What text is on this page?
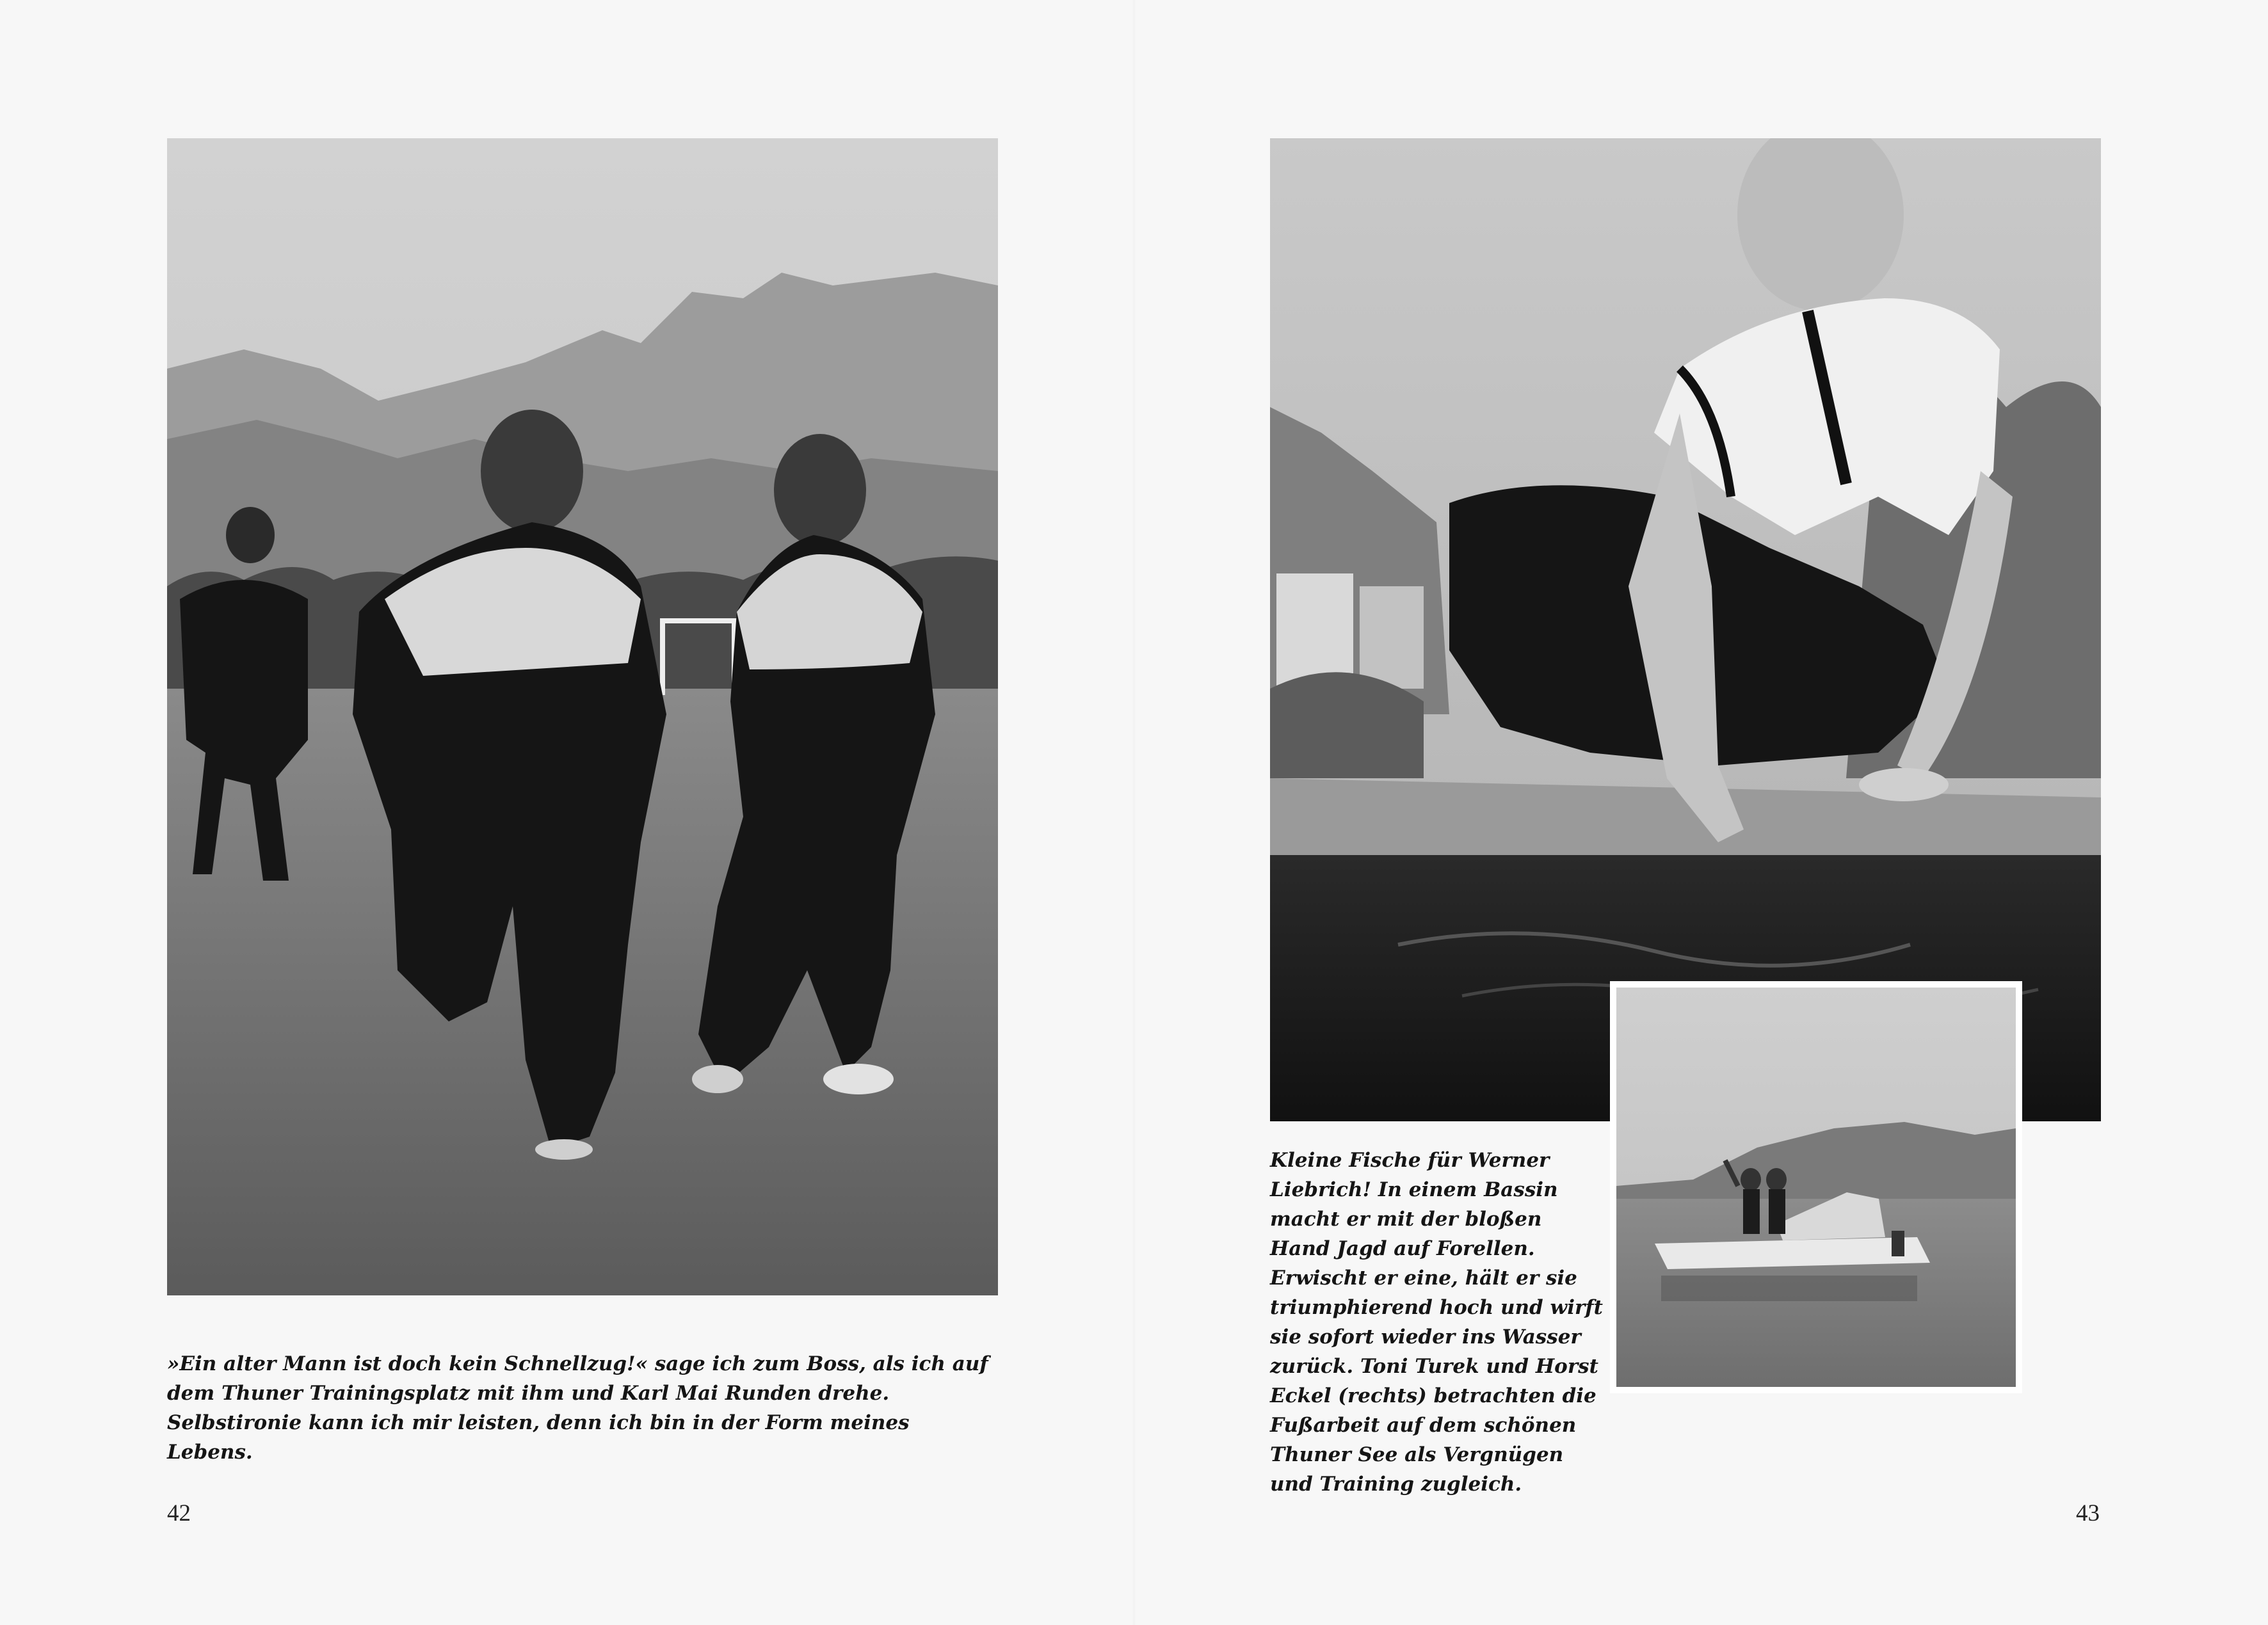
»Ein alter Mann ist doch kein Schnellzug!« sage ich zum Boss, als ich auf dem Thuner Trainingsplatz mit ihm und Karl Mai Runden drehe. Selbstironie kann ich mir leisten, denn ich bin in der Form meines Lebens.

Kleine Fische für Werner Liebrich! In einem Bassin macht er mit der bloßen Hand Jagd auf Forellen. Erwischt er eine, hält er sie triumphierend hoch und wirft sie sofort wieder ins Wasser zurück. Toni Turek und Horst Eckel (rechts) betrachten die Fußarbeit auf dem schönen Thuner See als Vergnügen und Training zugleich.

42	43
